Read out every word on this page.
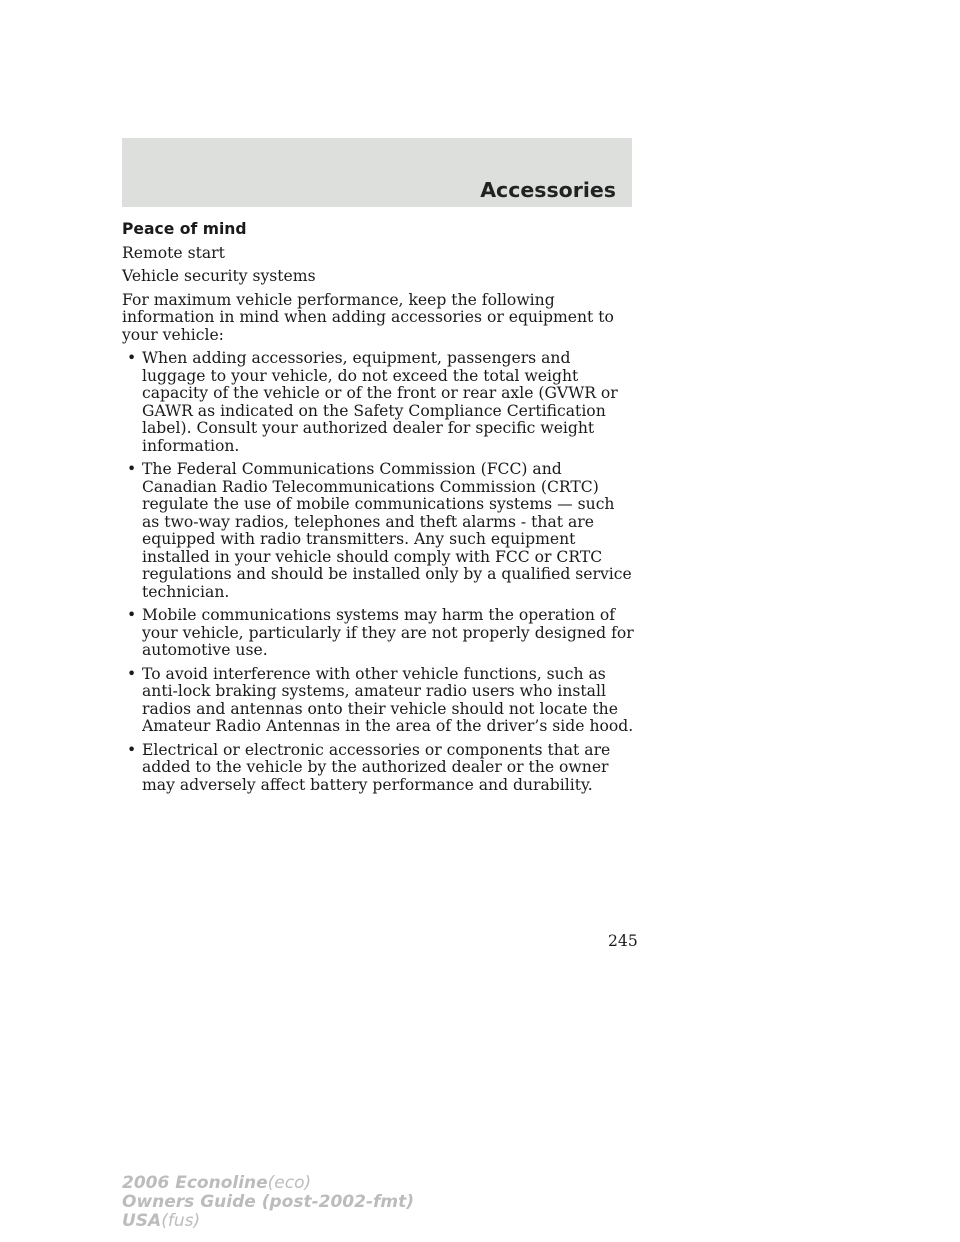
Accessories
Peace of mind

Remote start

Vehicle security systems

For maximum vehicle performance, keep the following information in mind when adding accessories or equipment to your vehicle:

• When adding accessories, equipment, passengers and luggage to your vehicle, do not exceed the total weight capacity of the vehicle or of the front or rear axle (GVWR or GAWR as indicated on the Safety Compliance Certification label). Consult your authorized dealer for specific weight information.
• The Federal Communications Commission (FCC) and Canadian Radio Telecommunications Commission (CRTC) regulate the use of mobile communications systems — such as two-way radios, telephones and theft alarms - that are equipped with radio transmitters. Any such equipment installed in your vehicle should comply with FCC or CRTC regulations and should be installed only by a qualified service technician.
• Mobile communications systems may harm the operation of your vehicle, particularly if they are not properly designed for automotive use.
• To avoid interference with other vehicle functions, such as anti-lock braking systems, amateur radio users who install radios and antennas onto their vehicle should not locate the Amateur Radio Antennas in the area of the driver’s side hood.
• Electrical or electronic accessories or components that are added to the vehicle by the authorized dealer or the owner may adversely affect battery performance and durability.
245
2006 Econoline(eco)
Owners Guide (post-2002-fmt)
USA(fus)
